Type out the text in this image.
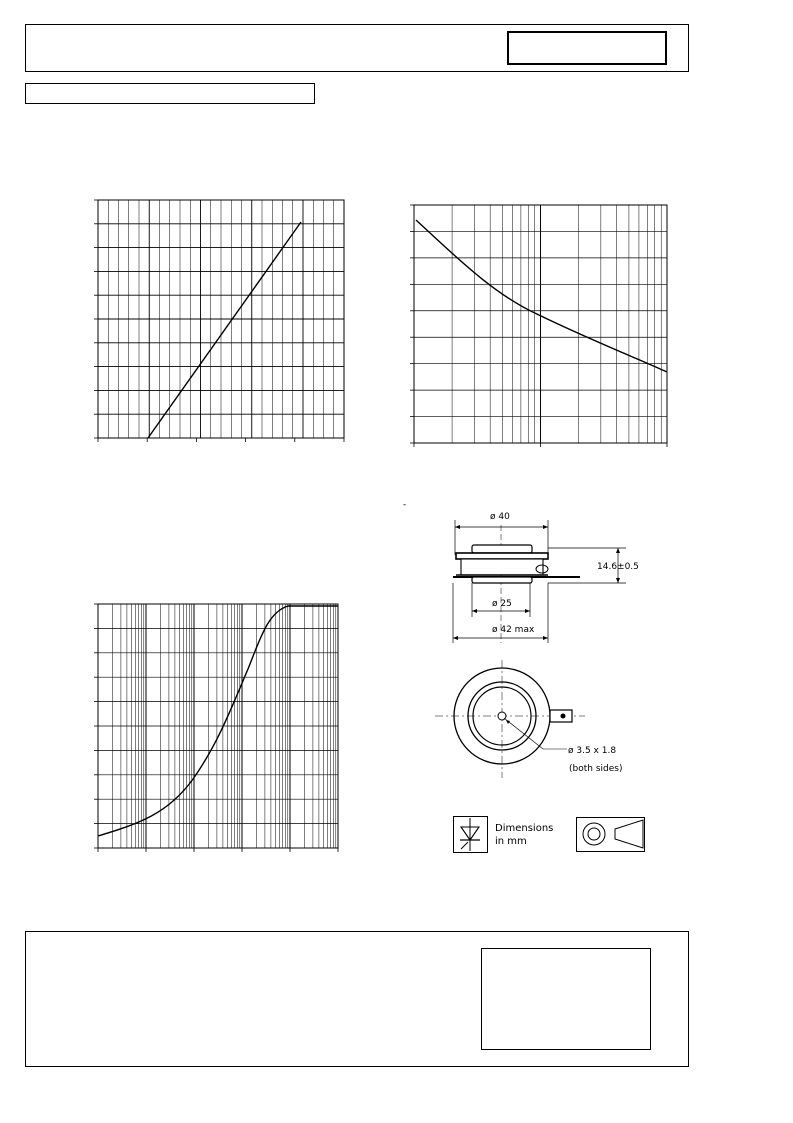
-
ø 40
14.6±0.5
ø 25
ø 42 max
ø 3.5 x 1.8
(both sides)
Dimensions
in mm
